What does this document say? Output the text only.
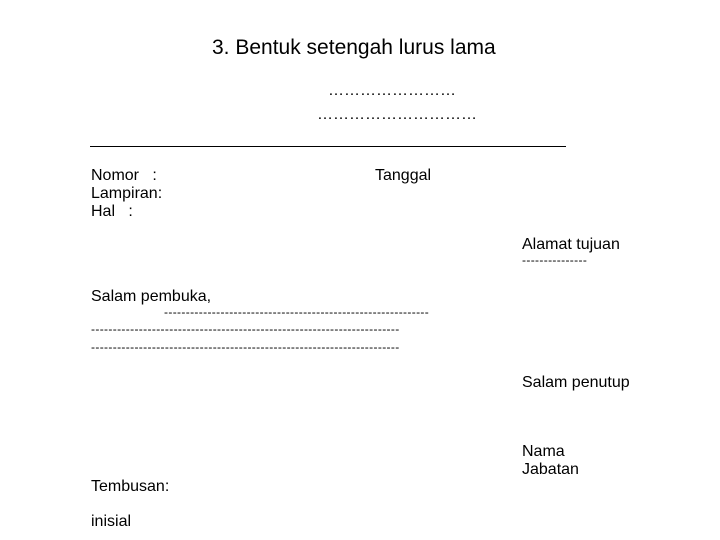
3. Bentuk setengah lurus lama
……………………
…………………………
Nomor   :
Lampiran:
Hal   :
Tanggal
Alamat tujuan
---------------
Salam pembuka,
-------------------------------------------------------------
-----------------------------------------------------------------------
-----------------------------------------------------------------------
Salam penutup
Nama
Jabatan
Tembusan:
inisial
